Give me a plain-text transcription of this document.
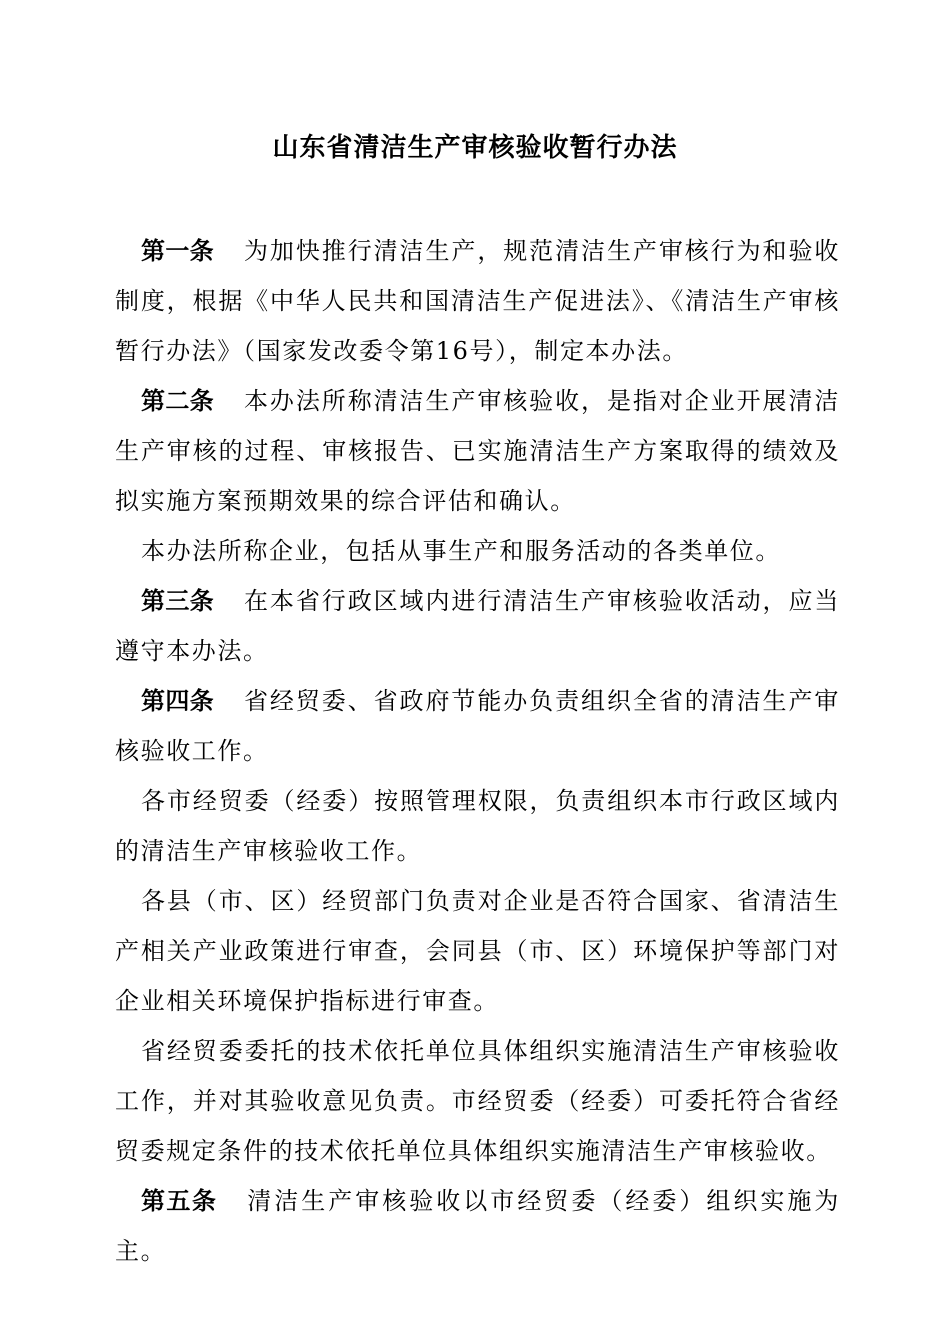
山东省清洁生产审核验收暂行办法

第一条 为加快推行清洁生产，规范清洁生产审核行为和验收制度，根据《中华人民共和国清洁生产促进法》、《清洁生产审核暂行办法》（国家发改委令第16号），制定本办法。

第二条 本办法所称清洁生产审核验收，是指对企业开展清洁生产审核的过程、审核报告、已实施清洁生产方案取得的绩效及拟实施方案预期效果的综合评估和确认。

本办法所称企业，包括从事生产和服务活动的各类单位。

第三条 在本省行政区域内进行清洁生产审核验收活动，应当遵守本办法。

第四条 省经贸委、省政府节能办负责组织全省的清洁生产审核验收工作。

各市经贸委（经委）按照管理权限，负责组织本市行政区域内的清洁生产审核验收工作。

各县（市、区）经贸部门负责对企业是否符合国家、省清洁生产相关产业政策进行审查，会同县（市、区）环境保护等部门对企业相关环境保护指标进行审查。

省经贸委委托的技术依托单位具体组织实施清洁生产审核验收工作，并对其验收意见负责。市经贸委（经委）可委托符合省经贸委规定条件的技术依托单位具体组织实施清洁生产审核验收。

第五条 清洁生产审核验收以市经贸委（经委）组织实施为主。
